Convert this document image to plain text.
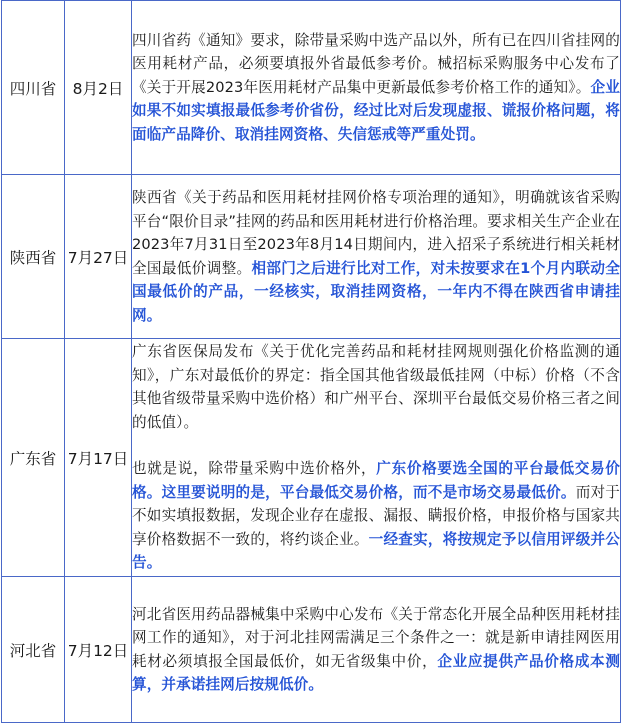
四川省	8月2日	四川省药《通知》要求，除带量采购中选产品以外，所有已在四川省挂网的医用耗材产品，必须要填报外省最低参考价。械招标采购服务中心发布了《关于开展2023年医用耗材产品集中更新最低参考价格工作的通知》。企业如果不如实填报最低参考价省份，经过比对后发现虚报、谎报价格问题，将面临产品降价、取消挂网资格、失信惩戒等严重处罚。

陕西省	7月27日	陕西省《关于药品和医用耗材挂网价格专项治理的通知》，明确就该省采购平台“限价目录”挂网的药品和医用耗材进行价格治理。要求相关生产企业在2023年7月31日至2023年8月14日期间内，进入招采子系统进行相关耗材全国最低价调整。相部门之后进行比对工作，对未按要求在1个月内联动全国最低价的产品，一经核实，取消挂网资格，一年内不得在陕西省申请挂网。

广东省	7月17日	广东省医保局发布《关于优化完善药品和耗材挂网规则强化价格监测的通知》，广东对最低价的界定：指全国其他省级最低挂网（中标）价格（不含其他省级带量采购中选价格）和广州平台、深圳平台最低交易价格三者之间的低值）。
也就是说，除带量采购中选价格外，广东价格要选全国的平台最低交易价格。这里要说明的是，平台最低交易价格，而不是市场交易最低价。而对于不如实填报数据，发现企业存在虚报、漏报、瞒报价格，申报价格与国家共享价格数据不一致的，将约谈企业。一经查实，将按规定予以信用评级并公告。

河北省	7月12日	河北省医用药品器械集中采购中心发布《关于常态化开展全品种医用耗材挂网工作的通知》，对于河北挂网需满足三个条件之一：就是新申请挂网医用耗材必须填报全国最低价，如无省级集中价，企业应提供产品价格成本测算，并承诺挂网后按规低价。
